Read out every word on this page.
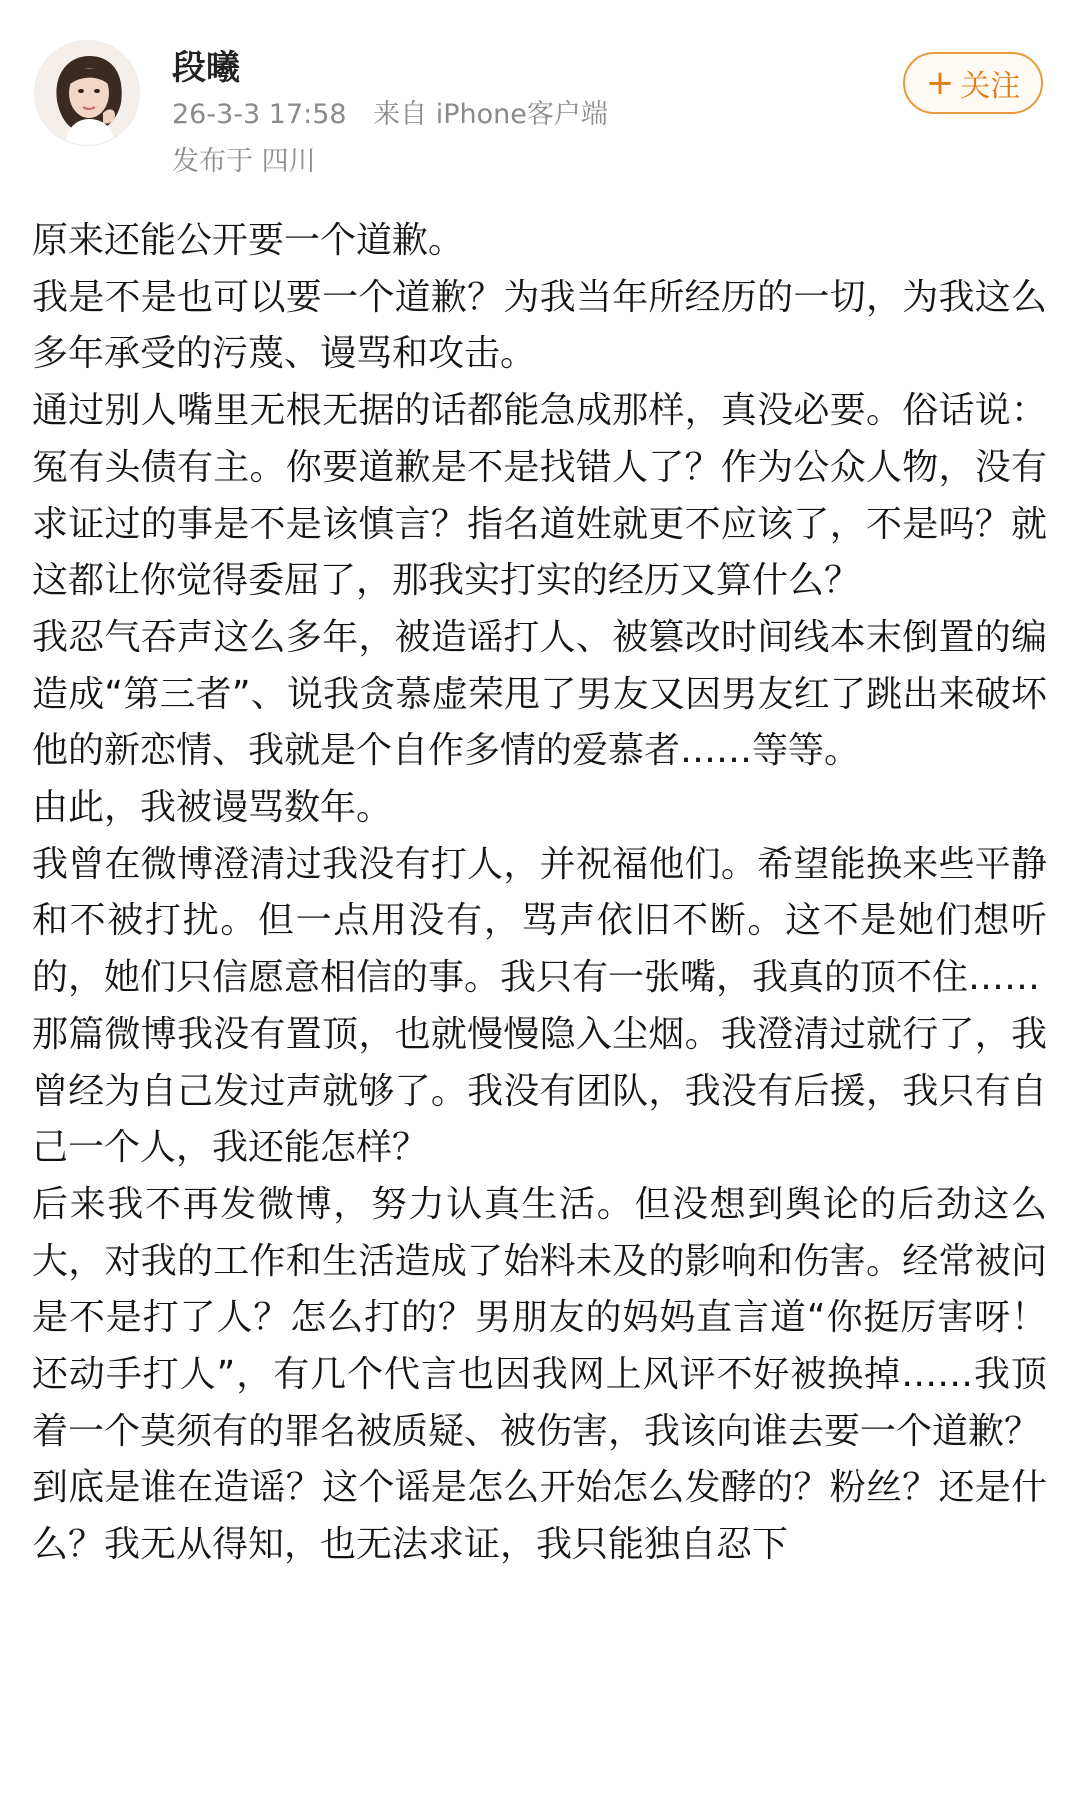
段曦
26-3-3 17:58 来自 iPhone客户端
发布于 四川
+ 关注

原来还能公开要一个道歉。

我是不是也可以要一个道歉？为我当年所经历的一切，为我这么多年承受的污蔑、谩骂和攻击。

通过别人嘴里无根无据的话都能急成那样，真没必要。俗话说：冤有头债有主。你要道歉是不是找错人了？作为公众人物，没有求证过的事是不是该慎言？指名道姓就更不应该了，不是吗？就这都让你觉得委屈了，那我实打实的经历又算什么？

我忍气吞声这么多年，被造谣打人、被篡改时间线本末倒置的编造成“第三者”、说我贪慕虚荣甩了男友又因男友红了跳出来破坏他的新恋情、我就是个自作多情的爱慕者……等等。

由此，我被谩骂数年。

我曾在微博澄清过我没有打人，并祝福他们。希望能换来些平静和不被打扰。但一点用没有，骂声依旧不断。这不是她们想听的，她们只信愿意相信的事。我只有一张嘴，我真的顶不住……

那篇微博我没有置顶，也就慢慢隐入尘烟。我澄清过就行了，我曾经为自己发过声就够了。我没有团队，我没有后援，我只有自己一个人，我还能怎样？

后来我不再发微博，努力认真生活。但没想到舆论的后劲这么大，对我的工作和生活造成了始料未及的影响和伤害。经常被问是不是打了人？怎么打的？男朋友的妈妈直言道“你挺厉害呀！还动手打人”，有几个代言也因我网上风评不好被换掉……我顶着一个莫须有的罪名被质疑、被伤害，我该向谁去要一个道歉？

到底是谁在造谣？这个谣是怎么开始怎么发酵的？粉丝？还是什么？我无从得知，也无法求证，我只能独自忍下
